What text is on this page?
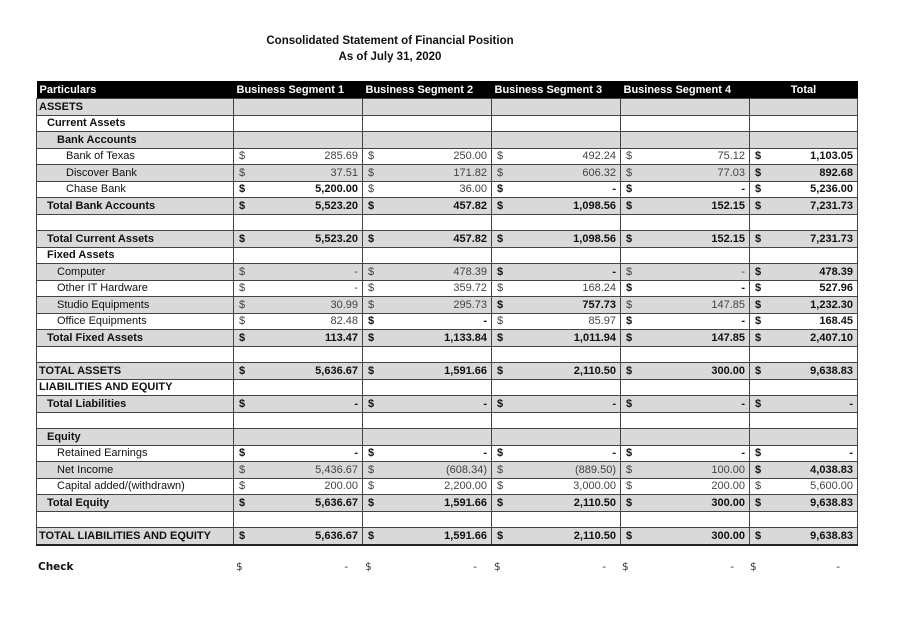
Consolidated Statement of Financial Position
As of July 31, 2020
Particulars	Business Segment 1	Business Segment 2	Business Segment 3	Business Segment 4	Total
ASSETS					
Current Assets					
Bank Accounts					
Bank of Texas	$ 285.69	$ 250.00	$ 492.24	$ 75.12	$ 1,103.05

Discover Bank	$ 37.51	$ 171.82	$ 606.32	$ 77.03	$ 892.68

Chase Bank	$ 5,200.00	$ 36.00	$ -	$ -	$ 5,236.00

Total Bank Accounts	$ 5,523.20	$ 457.82	$ 1,098.56	$ 152.15	$ 7,231.73

Total Current Assets	$ 5,523.20	$ 457.82	$ 1,098.56	$ 152.15	$ 7,231.73

Fixed Assets					
Computer	$ -	$ 478.39	$ -	$ -	$ 478.39

Other IT Hardware	$ -	$ 359.72	$ 168.24	$ -	$ 527.96

Studio Equipments	$ 30.99	$ 295.73	$ 757.73	$ 147.85	$ 1,232.30

Office Equipments	$ 82.48	$ -	$ 85.97	$ -	$ 168.45

Total Fixed Assets	$ 113.47	$ 1,133.84	$ 1,011.94	$ 147.85	$ 2,407.10

TOTAL ASSETS	$ 5,636.67	$ 1,591.66	$ 2,110.50	$ 300.00	$ 9,638.83

LIABILITIES AND EQUITY					
Total Liabilities	$ -	$ -	$ -	$ -	$ -

Equity					
Retained Earnings	$ -	$ -	$ -	$ -	$ -

Net Income	$ 5,436.67	$ (608.34)	$ (889.50)	$ 100.00	$ 4,038.83

Capital added/(withdrawn)	$ 200.00	$ 2,200.00	$ 3,000.00	$ 200.00	$ 5,600.00

Total Equity	$ 5,636.67	$ 1,591.66	$ 2,110.50	$ 300.00	$ 9,638.83

TOTAL LIABILITIES AND EQUITY	$ 5,636.67	$ 1,591.66	$ 2,110.50	$ 300.00	$ 9,638.83
Check	$	-	$	-	$	-	$	-	$	-
